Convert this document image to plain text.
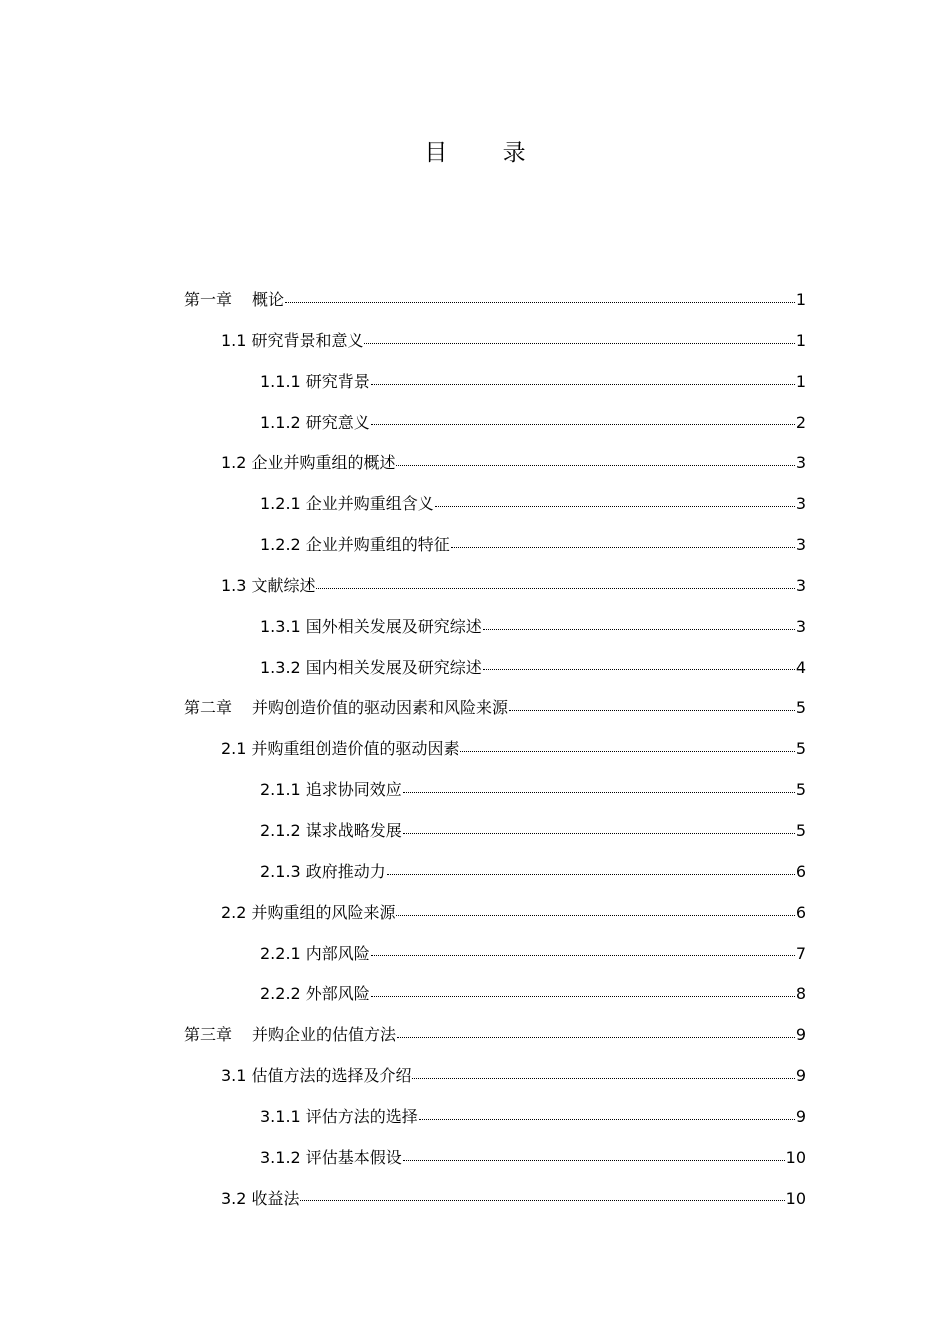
目 录
第一章 概论	1
1.1 研究背景和意义	1
1.1.1 研究背景	1
1.1.2 研究意义	2
1.2 企业并购重组的概述	3
1.2.1 企业并购重组含义	3
1.2.2 企业并购重组的特征	3
1.3 文献综述	3
1.3.1 国外相关发展及研究综述	3
1.3.2 国内相关发展及研究综述	4
第二章 并购创造价值的驱动因素和风险来源	5
2.1 并购重组创造价值的驱动因素	5
2.1.1 追求协同效应	5
2.1.2 谋求战略发展	5
2.1.3 政府推动力	6
2.2 并购重组的风险来源	6
2.2.1 内部风险	7
2.2.2 外部风险	8
第三章 并购企业的估值方法	9
3.1 估值方法的选择及介绍	9
3.1.1 评估方法的选择	9
3.1.2 评估基本假设	10
3.2 收益法	10
